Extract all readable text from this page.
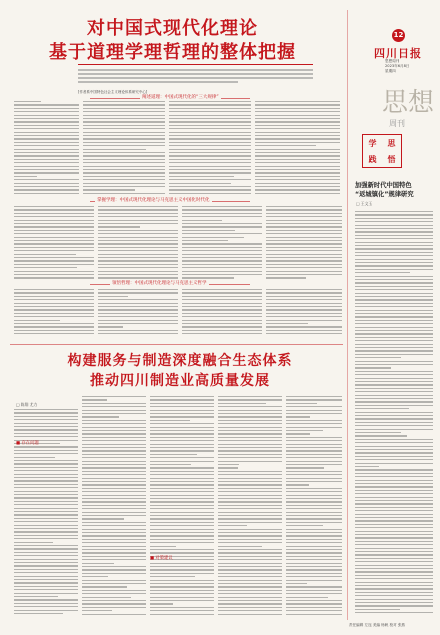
对中国式现代化理论
基于道理学理哲理的整体把握
[作者系中国特色社会主义理论体系研究中心]
阐述道理：中国式现代化的“三大规律”
掌握学理：中国式现代化理论与马克思主义中国化时代化
领悟哲理：中国式现代化理论与马克思主义哲学
12
四川日报
思想周刊
2023年6月8日
星期四
思想
周刊
学	思
践	悟
加强新时代中国特色
“返城镇化”规律研究
□ 王文玉
构建服务与制造深度融合生态体系
推动四川制造业高质量发展
□ 陈翔 尤力
■ 存在问题
■ 对策建议
责任编辑 左连 美编 杨帆 校对 张燕
